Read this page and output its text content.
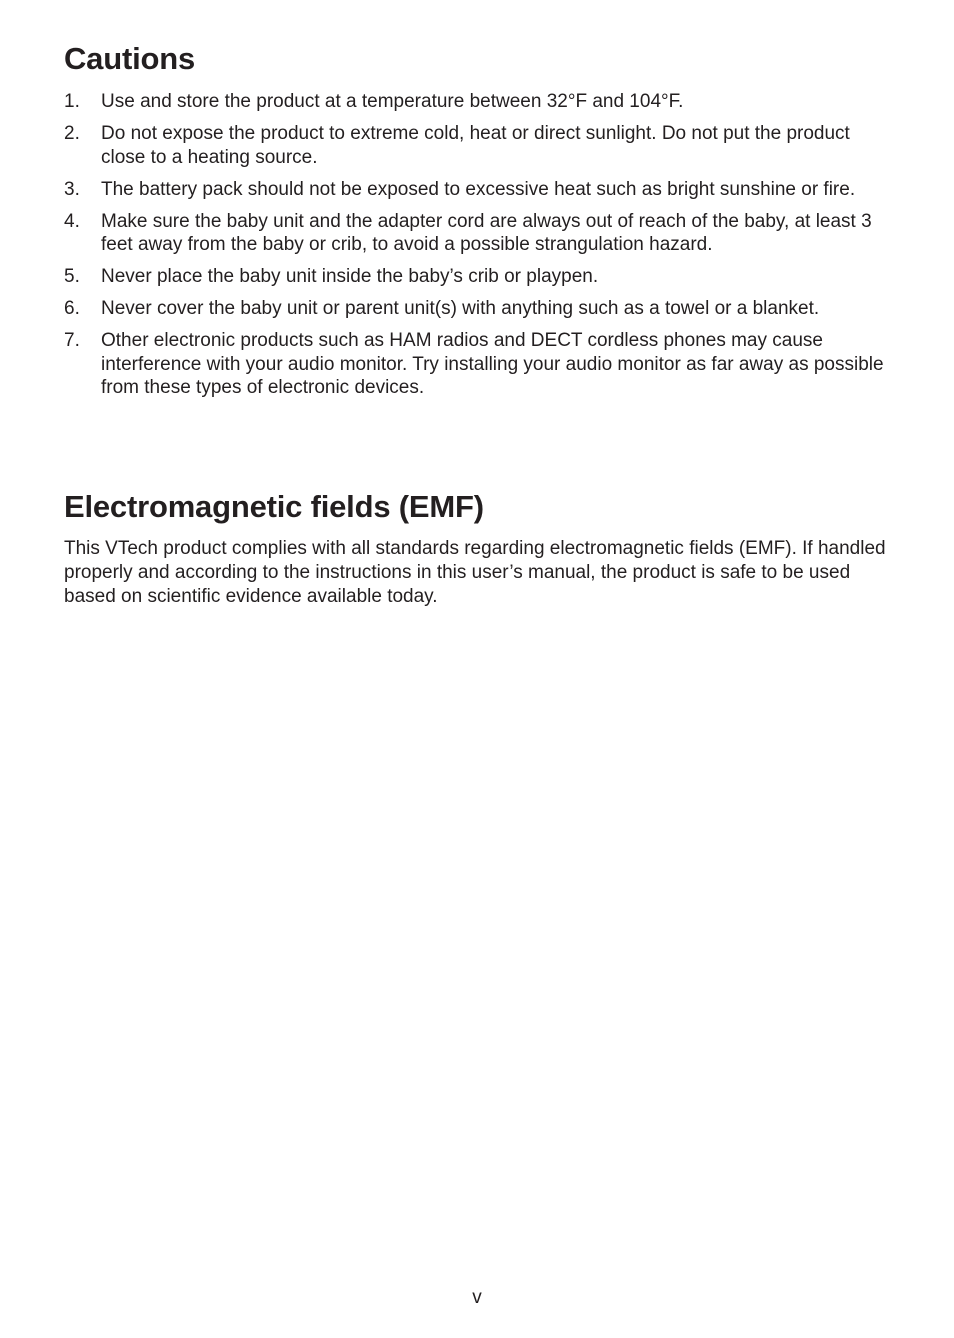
Cautions
1.	Use and store the product at a temperature between 32°F and 104°F.
2.	Do not expose the product to extreme cold, heat or direct sunlight. Do not put the product close to a heating source.
3.	The battery pack should not be exposed to excessive heat such as bright sunshine or fire.
4.	Make sure the baby unit and the adapter cord are always out of reach of the baby, at least 3 feet away from the baby or crib, to avoid a possible strangulation hazard.
5.	Never place the baby unit inside the baby’s crib or playpen.
6.	Never cover the baby unit or parent unit(s) with anything such as a towel or a blanket.
7.	Other electronic products such as HAM radios and DECT cordless phones may cause interference with your audio monitor. Try installing your audio monitor as far away as possible from these types of electronic devices.
Electromagnetic fields (EMF)

This VTech product complies with all standards regarding electromagnetic fields (EMF). If handled properly and according to the instructions in this user’s manual, the product is safe to be used based on scientific evidence available today.

v
